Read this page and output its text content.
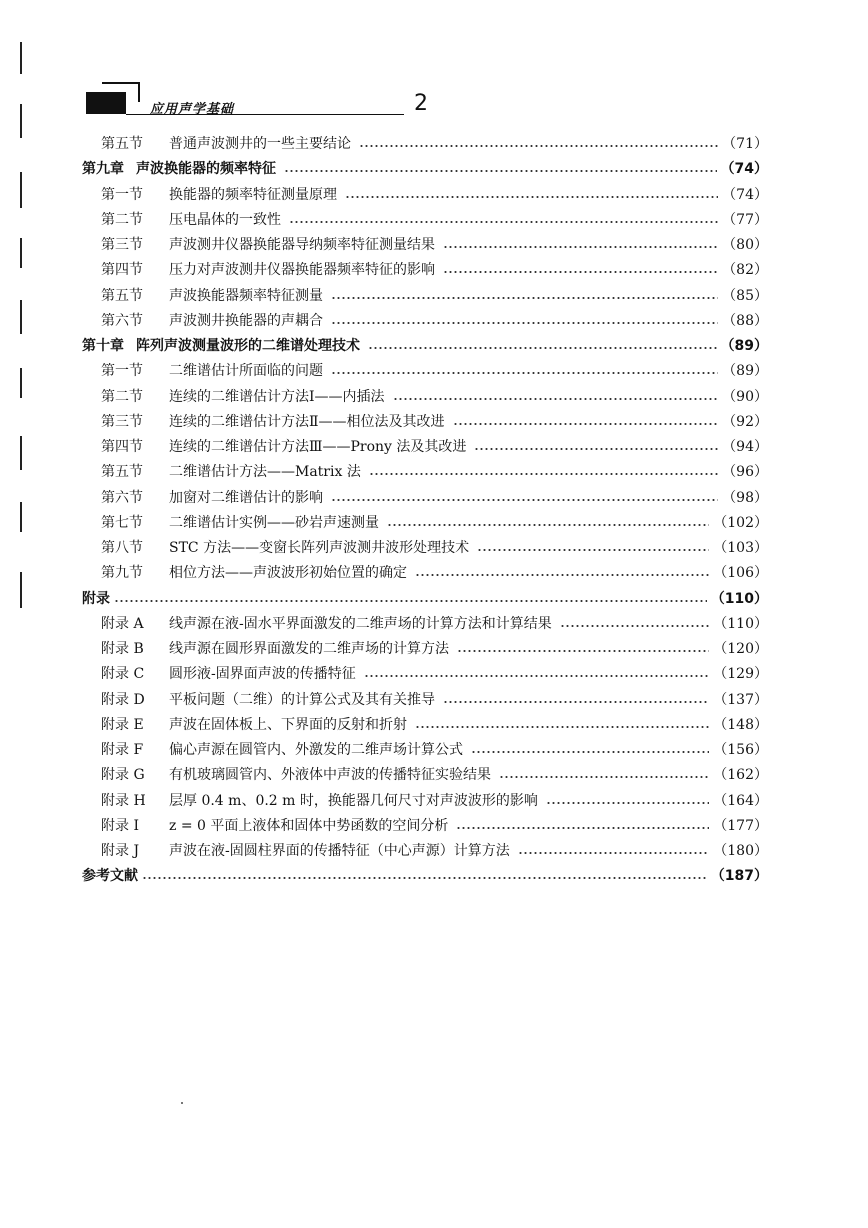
应用声学基础	2
第五节	普通声波测井的一些主要结论	（71）
第九章 声波换能器的频率特征	（74）
第一节	换能器的频率特征测量原理	（74）
第二节	压电晶体的一致性	（77）
第三节	声波测井仪器换能器导纳频率特征测量结果	（80）
第四节	压力对声波测井仪器换能器频率特征的影响	（82）
第五节	声波换能器频率特征测量	（85）
第六节	声波测井换能器的声耦合	（88）
第十章 阵列声波测量波形的二维谱处理技术	（89）
第一节	二维谱估计所面临的问题	（89）
第二节	连续的二维谱估计方法Ⅰ——内插法	（90）
第三节	连续的二维谱估计方法Ⅱ——相位法及其改进	（92）
第四节	连续的二维谱估计方法Ⅲ——Prony 法及其改进	（94）
第五节	二维谱估计方法——Matrix 法	（96）
第六节	加窗对二维谱估计的影响	（98）
第七节	二维谱估计实例——砂岩声速测量	（102）
第八节	STC 方法——变窗长阵列声波测井波形处理技术	（103）
第九节	相位方法——声波波形初始位置的确定	（106）
附录	（110）
附录 A	线声源在液-固水平界面激发的二维声场的计算方法和计算结果	（110）
附录 B	线声源在圆形界面激发的二维声场的计算方法	（120）
附录 C	圆形液-固界面声波的传播特征	（129）
附录 D	平板问题（二维）的计算公式及其有关推导	（137）
附录 E	声波在固体板上、下界面的反射和折射	（148）
附录 F	偏心声源在圆管内、外激发的二维声场计算公式	（156）
附录 G	有机玻璃圆管内、外液体中声波的传播特征实验结果	（162）
附录 H	层厚 0.4 m、0.2 m 时，换能器几何尺寸对声波波形的影响	（164）
附录 I	z = 0 平面上液体和固体中势函数的空间分析	（177）
附录 J	声波在液-固圆柱界面的传播特征（中心声源）计算方法	（180）
参考文献	（187）
